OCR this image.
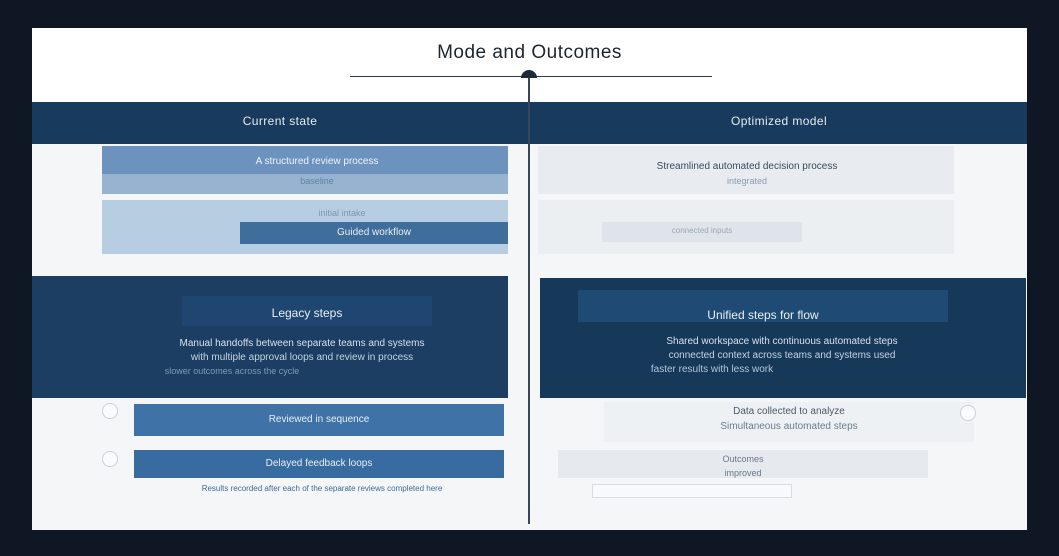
Mode and Outcomes
Current state	Optimized model
A structured review process
baseline
initial intake
Guided workflow
Legacy steps
Manual handoffs between separate teams and systems
with multiple approval loops and review in process
slower outcomes across the cycle
Reviewed in sequence
Delayed feedback loops
Results recorded after each of the separate reviews completed here
Streamlined automated decision process
integrated
connected inputs
Unified steps for flow
Shared workspace with continuous automated steps
connected context across teams and systems used
faster results with less work
Data collected to analyze
Simultaneous automated steps
Outcomes
improved
